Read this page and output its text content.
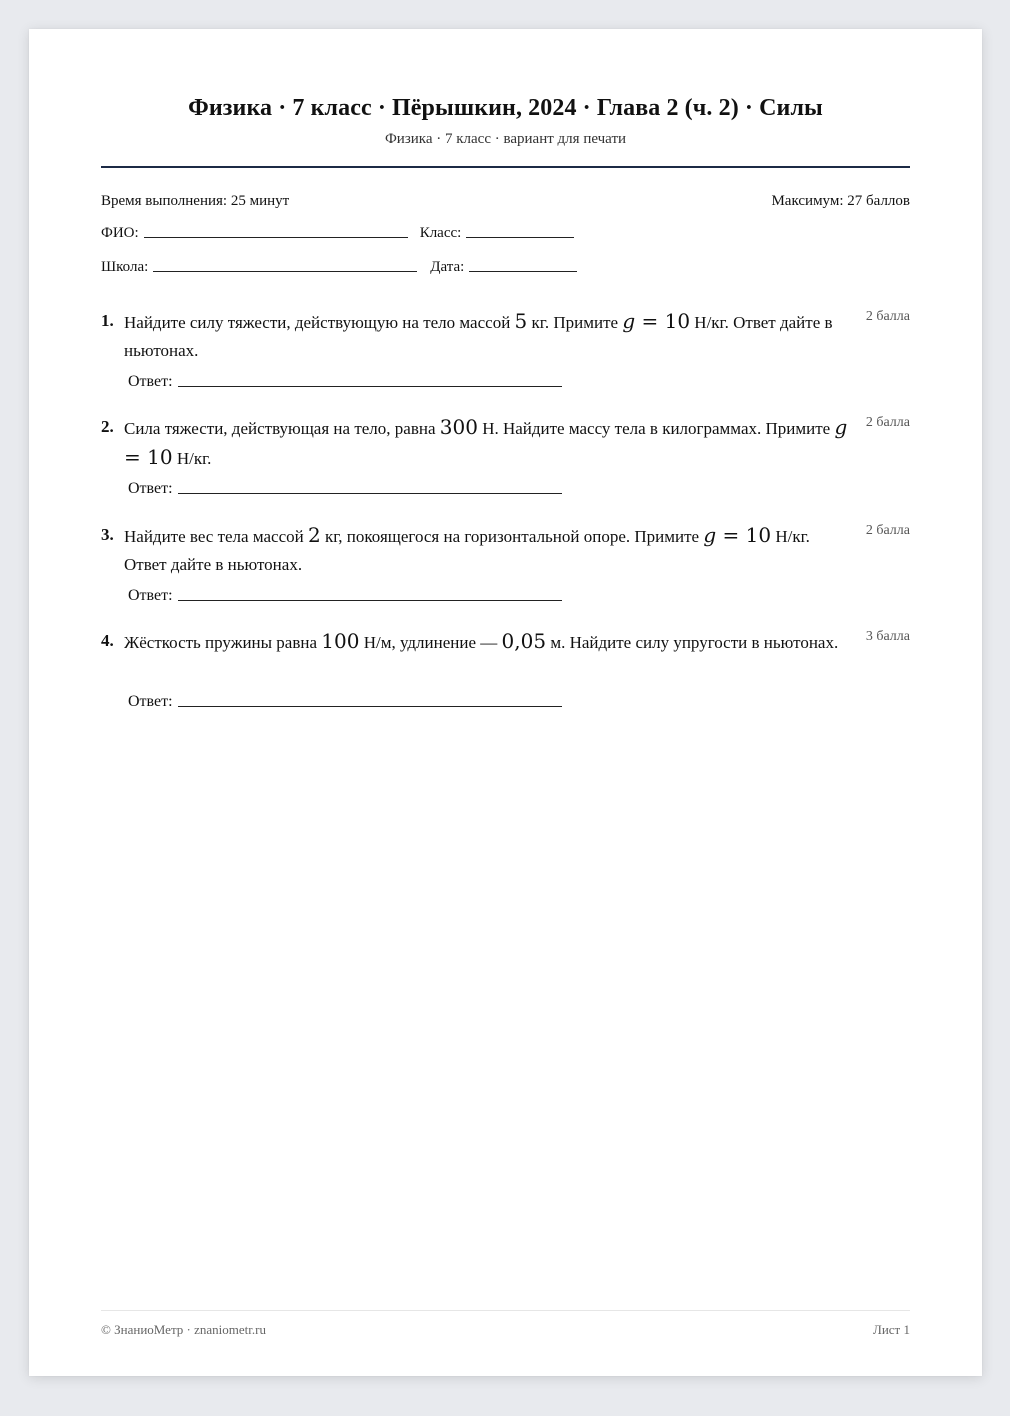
Физика · 7 класс · Пёрышкин, 2024 · Глава 2 (ч. 2) · Силы
Физика · 7 класс · вариант для печати
Время выполнения: 25 минут	Максимум: 27 баллов
ФИО:	Класс:
Школа:	Дата:
1. Найдите силу тяжести, действующую на тело массой 5 кг. Примите g = 10 Н/кг. Ответ дайте в ньютонах.
2 балла
Ответ:
2. Сила тяжести, действующая на тело, равна 300 Н. Найдите массу тела в килограммах. Примите g = 10 Н/кг.
2 балла
Ответ:
3. Найдите вес тела массой 2 кг, покоящегося на горизонтальной опоре. Примите g = 10 Н/кг. Ответ дайте в ньютонах.
2 балла
Ответ:
4. Жёсткость пружины равна 100 Н/м, удлинение — 0,05 м. Найдите силу упругости в ньютонах.	3 балла
Ответ:
© ЗнаниоМетр · znaniometr.ru	Лист 1
